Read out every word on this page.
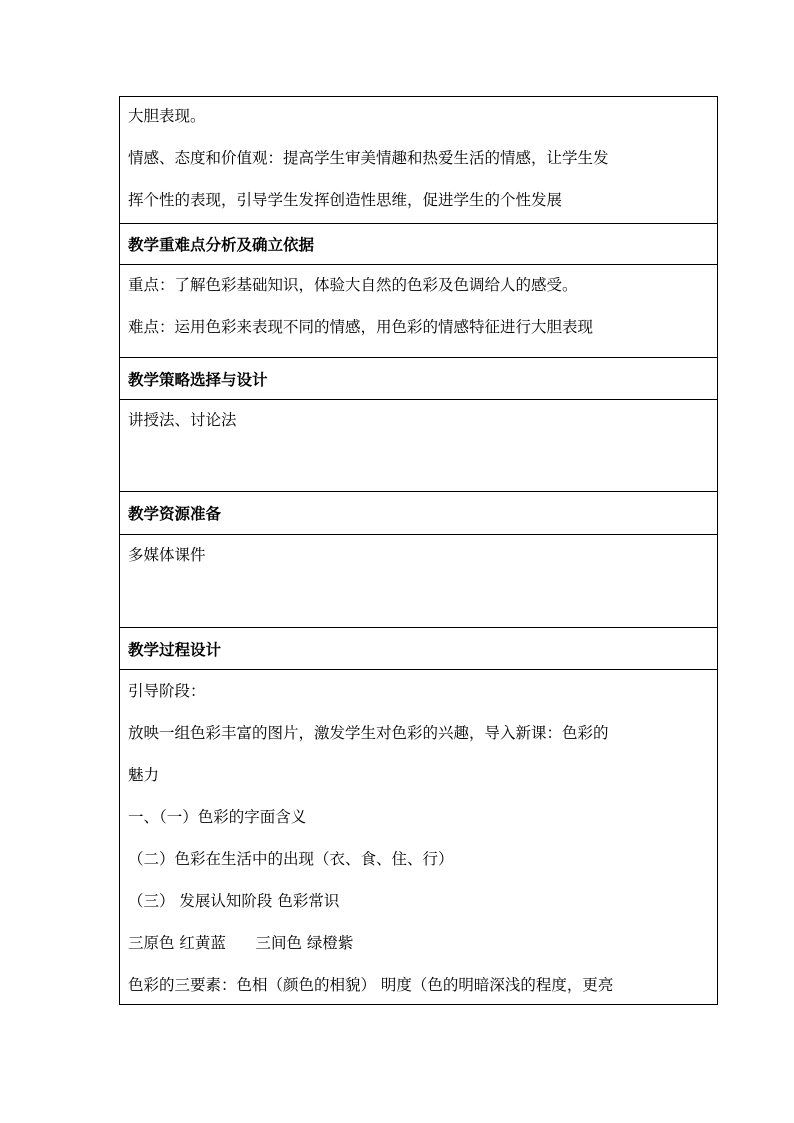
大胆表现。
情感、态度和价值观：提高学生审美情趣和热爱生活的情感，让学生发
挥个性的表现，引导学生发挥创造性思维，促进学生的个性发展
教学重难点分析及确立依据
重点：了解色彩基础知识，体验大自然的色彩及色调给人的感受。
难点：运用色彩来表现不同的情感，用色彩的情感特征进行大胆表现
教学策略选择与设计
讲授法、讨论法
教学资源准备
多媒体课件
教学过程设计
引导阶段：
放映一组色彩丰富的图片，激发学生对色彩的兴趣，导入新课：色彩的
魅力
一、（一）色彩的字面含义
（二）色彩在生活中的出现（衣、食、住、行）
（三） 发展认知阶段 色彩常识
三原色 红黄蓝      三间色 绿橙紫
色彩的三要素：色相（颜色的相貌） 明度（色的明暗深浅的程度，更亮
